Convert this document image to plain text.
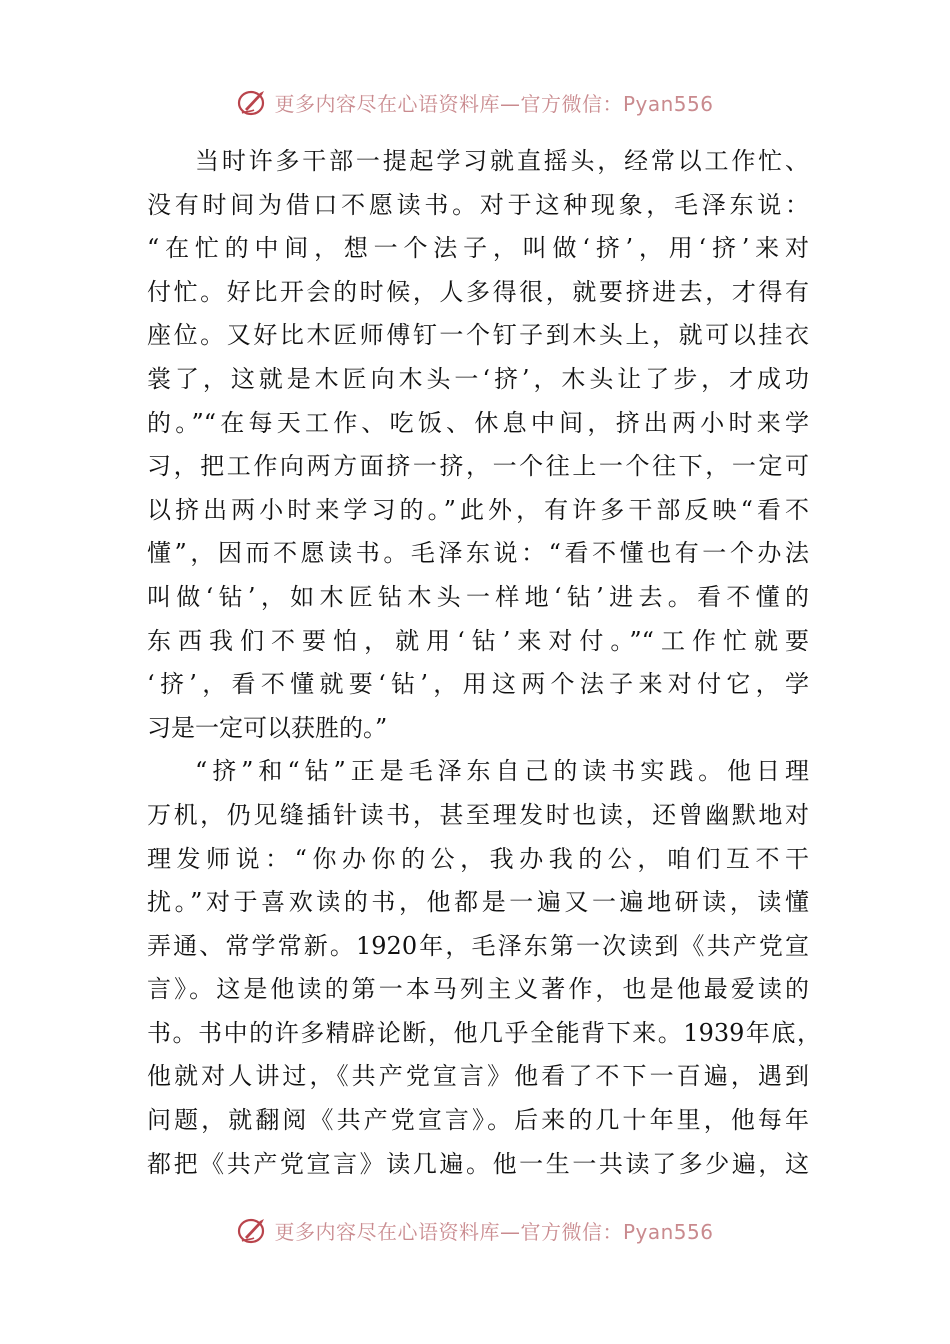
更多内容尽在心语资料库—官方微信：Pyan556
当时许多干部一提起学习就直摇头，经常以工作忙、
没有时间为借口不愿读书。对于这种现象，毛泽东说：
“在忙的中间，想一个法子，叫做‘挤’，用‘挤’来对
付忙。好比开会的时候，人多得很，就要挤进去，才得有
座位。又好比木匠师傅钉一个钉子到木头上，就可以挂衣
裳了，这就是木匠向木头一‘挤’，木头让了步，才成功
的。”“在每天工作、吃饭、休息中间，挤出两小时来学
习，把工作向两方面挤一挤，一个往上一个往下，一定可
以挤出两小时来学习的。”此外，有许多干部反映“看不
懂”，因而不愿读书。毛泽东说：“看不懂也有一个办法
叫做‘钻’，如木匠钻木头一样地‘钻’进去。看不懂的
东西我们不要怕，就用‘钻’来对付。”“工作忙就要
‘挤’，看不懂就要‘钻’，用这两个法子来对付它，学
习是一定可以获胜的。”
“挤”和“钻”正是毛泽东自己的读书实践。他日理
万机，仍见缝插针读书，甚至理发时也读，还曾幽默地对
理发师说：“你办你的公，我办我的公，咱们互不干
扰。”对于喜欢读的书，他都是一遍又一遍地研读，读懂
弄通、常学常新。1920年，毛泽东第一次读到《共产党宣
言》。这是他读的第一本马列主义著作，也是他最爱读的
书。书中的许多精辟论断，他几乎全能背下来。1939年底，
他就对人讲过，《共产党宣言》他看了不下一百遍，遇到
问题，就翻阅《共产党宣言》。后来的几十年里，他每年
都把《共产党宣言》读几遍。他一生一共读了多少遍，这
更多内容尽在心语资料库—官方微信：Pyan556
